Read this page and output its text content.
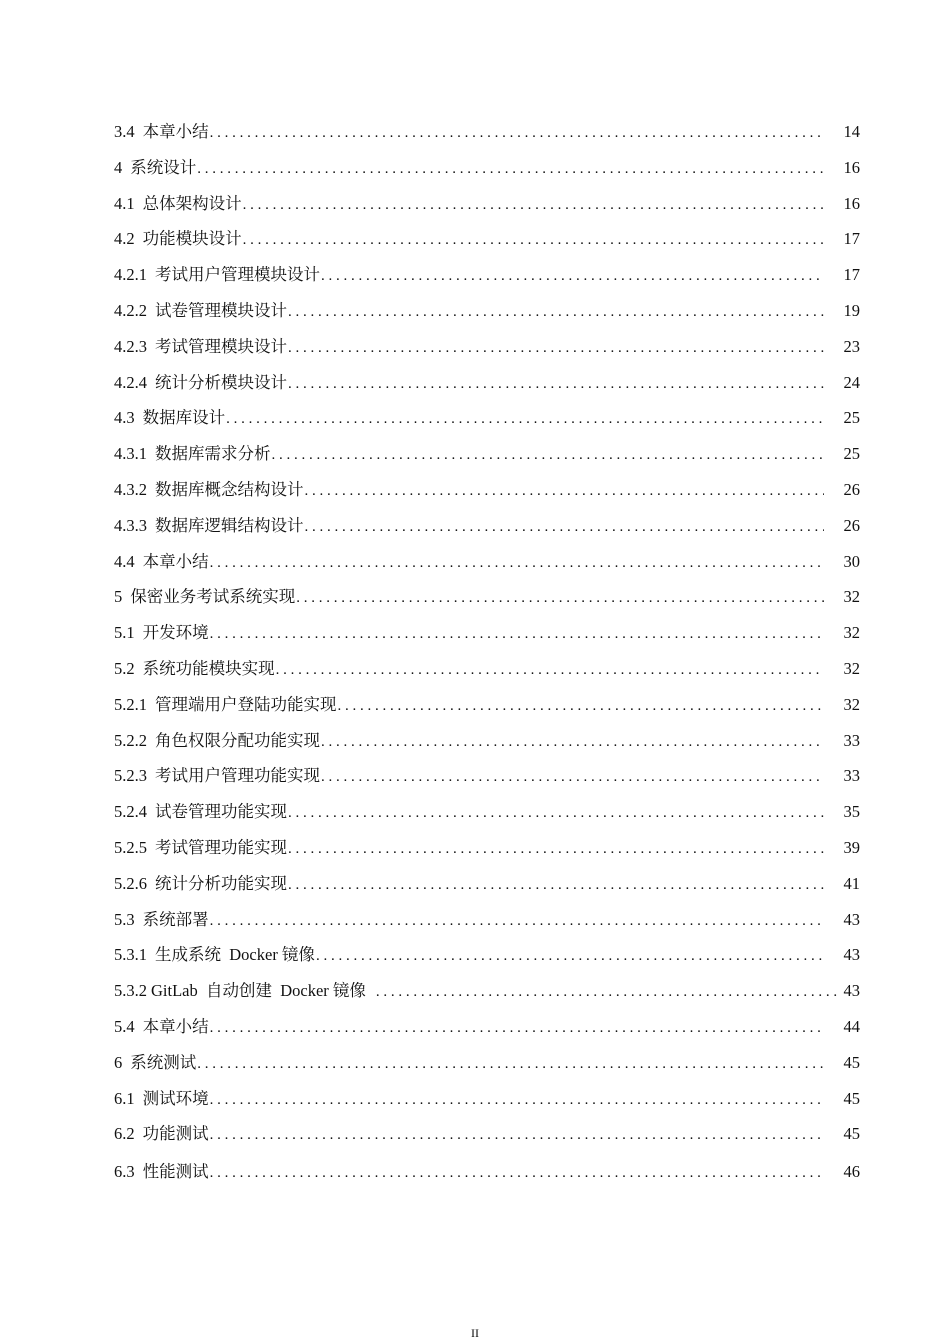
3.4 本章小结 . . .	14
4 系统设计 . . .	16
4.1 总体架构设计 . . .	16
4.2 功能模块设计 . . .	17
4.2.1 考试用户管理模块设计 . . .	17
4.2.2 试卷管理模块设计 . . .	19
4.2.3 考试管理模块设计 . . .	23
4.2.4 统计分析模块设计 . . .	24
4.3 数据库设计 . . .	25
4.3.1 数据库需求分析 . . .	25
4.3.2 数据库概念结构设计 . . .	26
4.3.3 数据库逻辑结构设计 . . .	26
4.4 本章小结 . . .	30
5 保密业务考试系统实现 . . .	32
5.1 开发环境 . . .	32
5.2 系统功能模块实现 . . .	32
5.2.1 管理端用户登陆功能实现 . . .	32
5.2.2 角色权限分配功能实现 . . .	33
5.2.3 考试用户管理功能实现 . . .	33
5.2.4 试卷管理功能实现 . . .	35
5.2.5 考试管理功能实现 . . .	39
5.2.6 统计分析功能实现 . . .	41
5.3 系统部署 . . .	43
5.3.1 生成系统  Docker 镜像 . . .	43
5.3.2 GitLab  自动创建  Docker 镜像 . . .	43
5.4 本章小结 . . .	44
6 系统测试 . . .	45
6.1 测试环境 . . .	45
6.2 功能测试 . . .	45
6.3 性能测试 . . .	46
II
